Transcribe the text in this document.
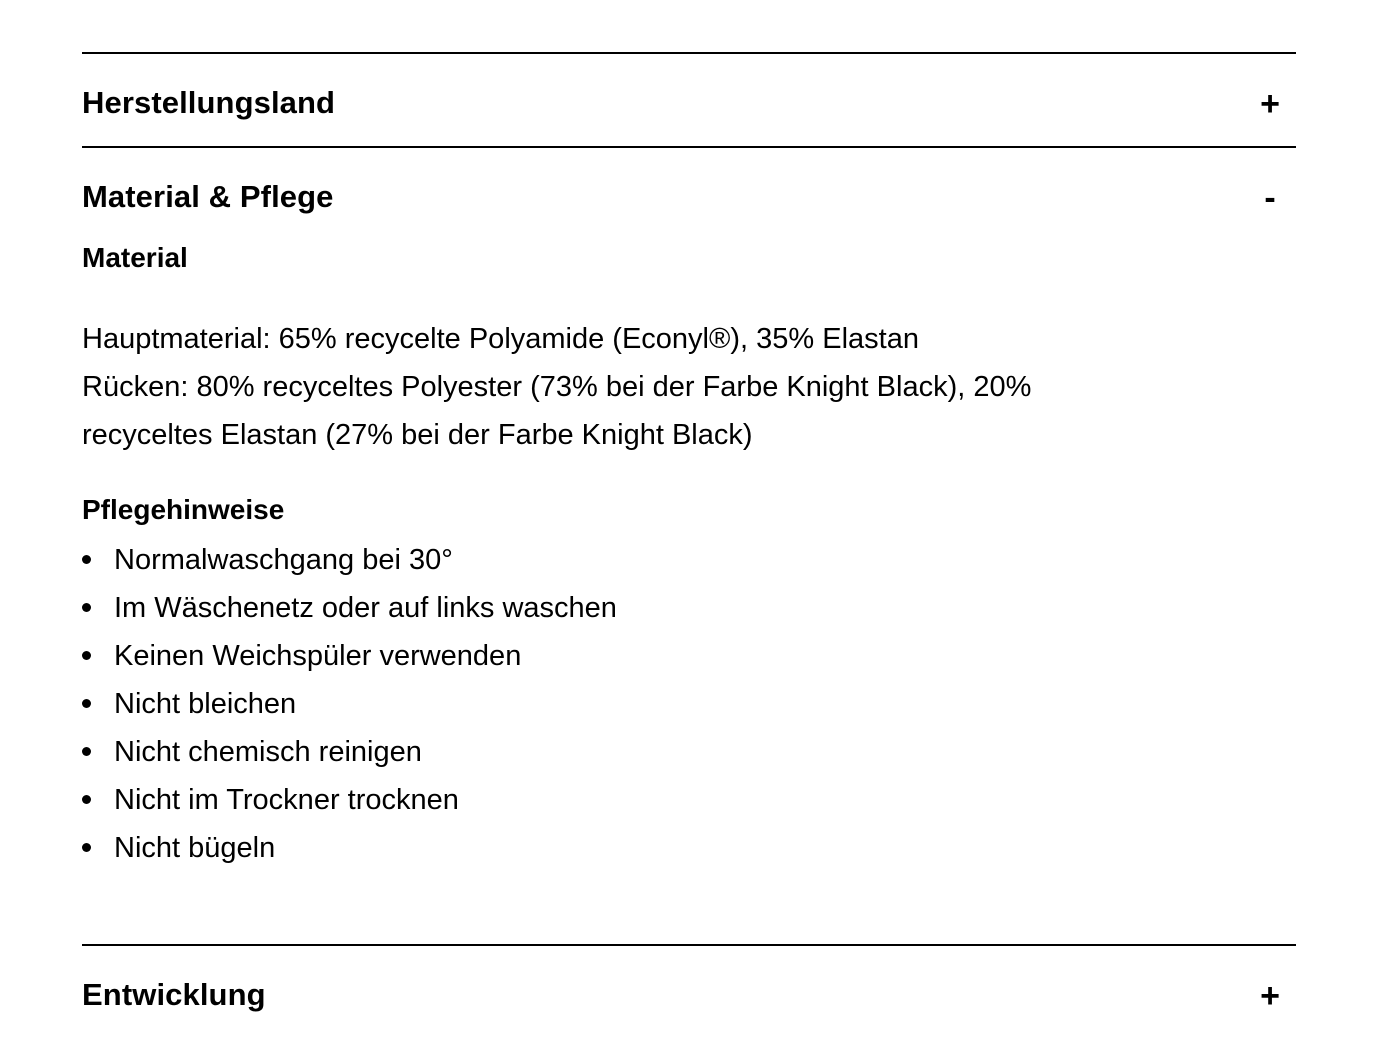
Herstellungsland	+
Material & Pflege	-
Material

Hauptmaterial: 65% recycelte Polyamide (Econyl®), 35% Elastan
Rücken: 80% recyceltes Polyester (73% bei der Farbe Knight Black), 20%
recyceltes Elastan (27% bei der Farbe Knight Black)

Pflegehinweise
Normalwaschgang bei 30°
Im Wäschenetz oder auf links waschen
Keinen Weichspüler verwenden
Nicht bleichen
Nicht chemisch reinigen
Nicht im Trockner trocknen
Nicht bügeln
Entwicklung	+
